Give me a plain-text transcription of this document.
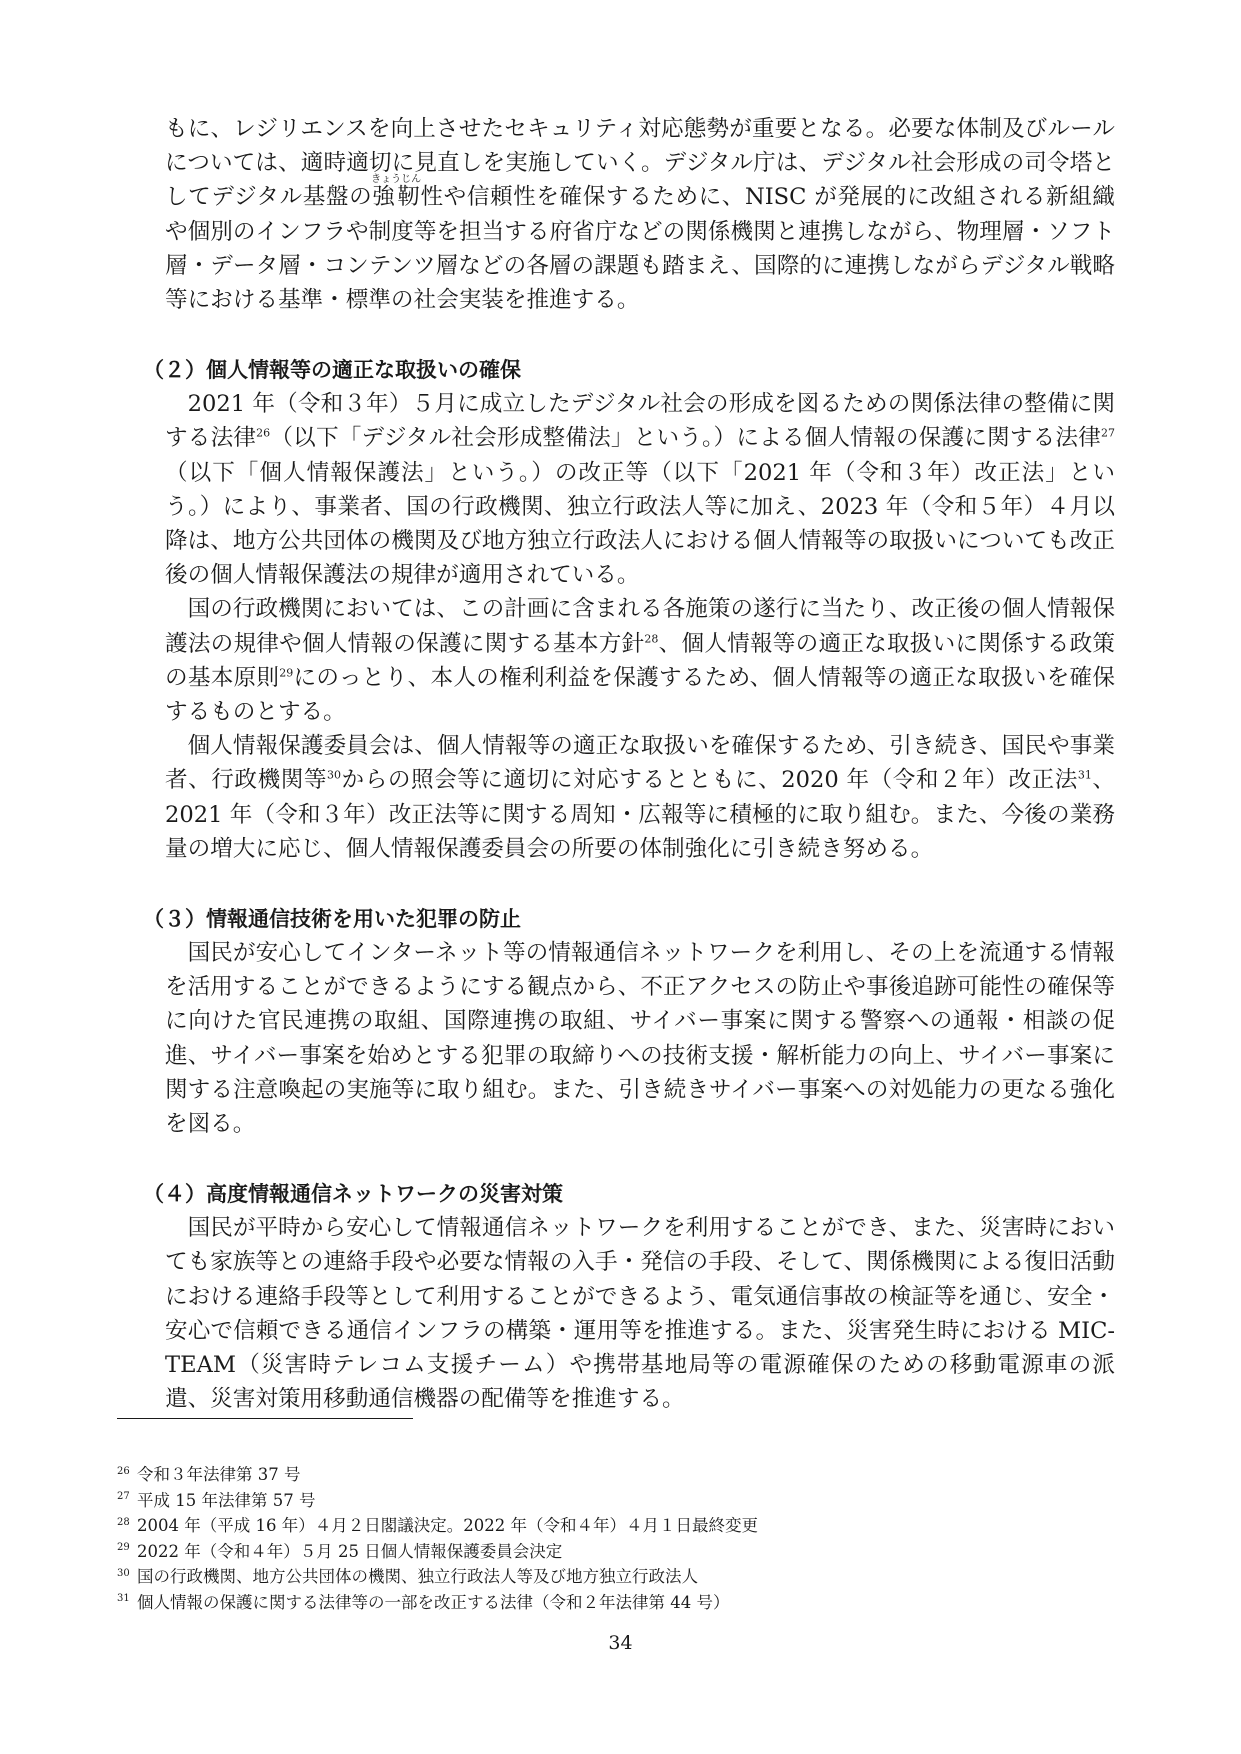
もに、レジリエンスを向上させたセキュリティ対応態勢が重要となる。必要な体制及びルールについては、適時適切に見直しを実施していく。デジタル庁は、デジタル社会形成の司令塔としてデジタル基盤の強靭きょうじん性や信頼性を確保するために、NISC が発展的に改組される新組織や個別のインフラや制度等を担当する府省庁などの関係機関と連携しながら、物理層・ソフト層・データ層・コンテンツ層などの各層の課題も踏まえ、国際的に連携しながらデジタル戦略等における基準・標準の社会実装を推進する。

（２）個人情報等の適正な取扱いの確保

2021 年（令和３年）５月に成立したデジタル社会の形成を図るための関係法律の整備に関する法律$^{26}$（以下「デジタル社会形成整備法」という。）による個人情報の保護に関する法律$^{27}$（以下「個人情報保護法」という。）の改正等（以下「2021 年（令和３年）改正法」という。）により、事業者、国の行政機関、独立行政法人等に加え、2023 年（令和５年）４月以降は、地方公共団体の機関及び地方独立行政法人における個人情報等の取扱いについても改正後の個人情報保護法の規律が適用されている。

国の行政機関においては、この計画に含まれる各施策の遂行に当たり、改正後の個人情報保護法の規律や個人情報の保護に関する基本方針$^{28}$、個人情報等の適正な取扱いに関係する政策の基本原則$^{29}$にのっとり、本人の権利利益を保護するため、個人情報等の適正な取扱いを確保するものとする。

個人情報保護委員会は、個人情報等の適正な取扱いを確保するため、引き続き、国民や事業者、行政機関等$^{30}$からの照会等に適切に対応するとともに、2020 年（令和２年）改正法$^{31}$、2021 年（令和３年）改正法等に関する周知・広報等に積極的に取り組む。また、今後の業務量の増大に応じ、個人情報保護委員会の所要の体制強化に引き続き努める。

（３）情報通信技術を用いた犯罪の防止

国民が安心してインターネット等の情報通信ネットワークを利用し、その上を流通する情報を活用することができるようにする観点から、不正アクセスの防止や事後追跡可能性の確保等に向けた官民連携の取組、国際連携の取組、サイバー事案に関する警察への通報・相談の促進、サイバー事案を始めとする犯罪の取締りへの技術支援・解析能力の向上、サイバー事案に関する注意喚起の実施等に取り組む。また、引き続きサイバー事案への対処能力の更なる強化を図る。

（４）高度情報通信ネットワークの災害対策

国民が平時から安心して情報通信ネットワークを利用することができ、また、災害時においても家族等との連絡手段や必要な情報の入手・発信の手段、そして、関係機関による復旧活動における連絡手段等として利用することができるよう、電気通信事故の検証等を通じ、安全・安心で信頼できる通信インフラの構築・運用等を推進する。また、災害発生時における MIC-TEAM（災害時テレコム支援チーム）や携帯基地局等の電源確保のための移動電源車の派遣、災害対策用移動通信機器の配備等を推進する。

26 令和３年法律第 37 号
27 平成 15 年法律第 57 号
28 2004 年（平成 16 年）４月２日閣議決定。2022 年（令和４年）４月１日最終変更
29 2022 年（令和４年）５月 25 日個人情報保護委員会決定
30 国の行政機関、地方公共団体の機関、独立行政法人等及び地方独立行政法人
31 個人情報の保護に関する法律等の一部を改正する法律（令和２年法律第 44 号）
34
